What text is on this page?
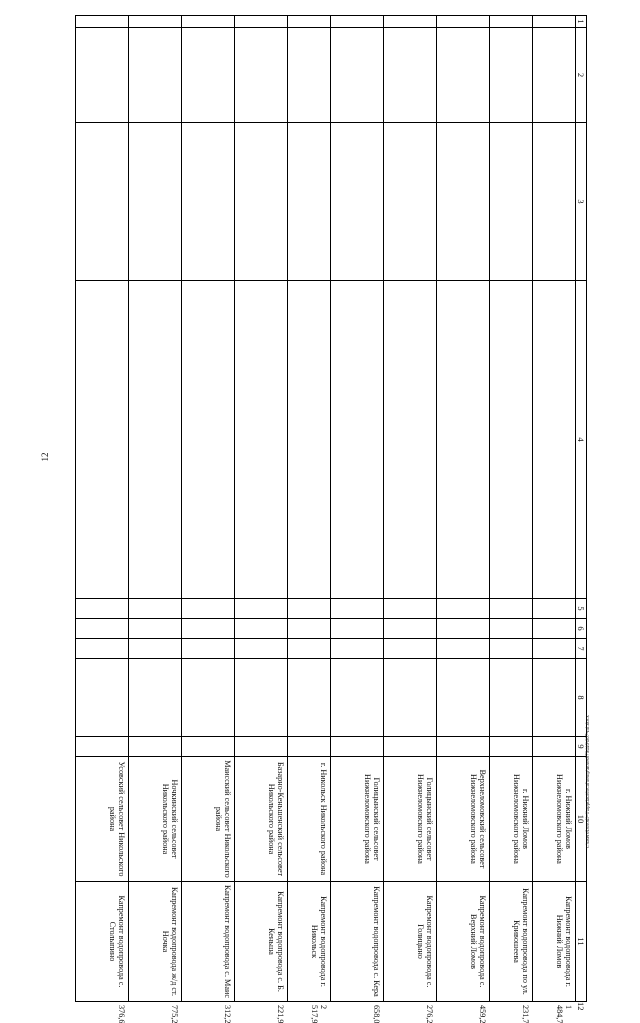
12
1	2	3	4	5	6	7	8	9	10	11	12
									г. Нижний Ломов Нижнеломовского района	Капремонт водопровода г. Нижний Ломов	1 484,7
									г. Нижний Ломов Нижнеломовского района	Капремонт водопровода по ул. Кривошеева	231,7
									Верхнеломовский сельсовет Нижнеломовского района	Капремонт водопровода с. Верхний Ломов	459,2
									Голицынский сельсовет Нижнеломовского района	Капремонт водопровода с. Голицыно	276,2
									Голицынский сельсовет Нижнеломовского района	Капремонт водопровода с. Кера	658,0
									г. Никольск Никольского района	Капремонт водопровода г. Никольск	2 517,9
									Базарно-Кеньшенский сельсовет Никольского района	Капремонт водопровода с. Б. Кеньша	221,9
									Маисский сельсовет Никольского района	Капремонт водопровода с. Маис	312,2
									Ночкинский сельсовет Никольского района	Капремонт водопровода ж/д ст. Ночка	775,2
									Усовский сельсовет Никольского района	Капремонт водопровода с. Столыпино	376,6
c:\users\borodi~1\appdata\local\temp\notes879440\607-ml.docx
